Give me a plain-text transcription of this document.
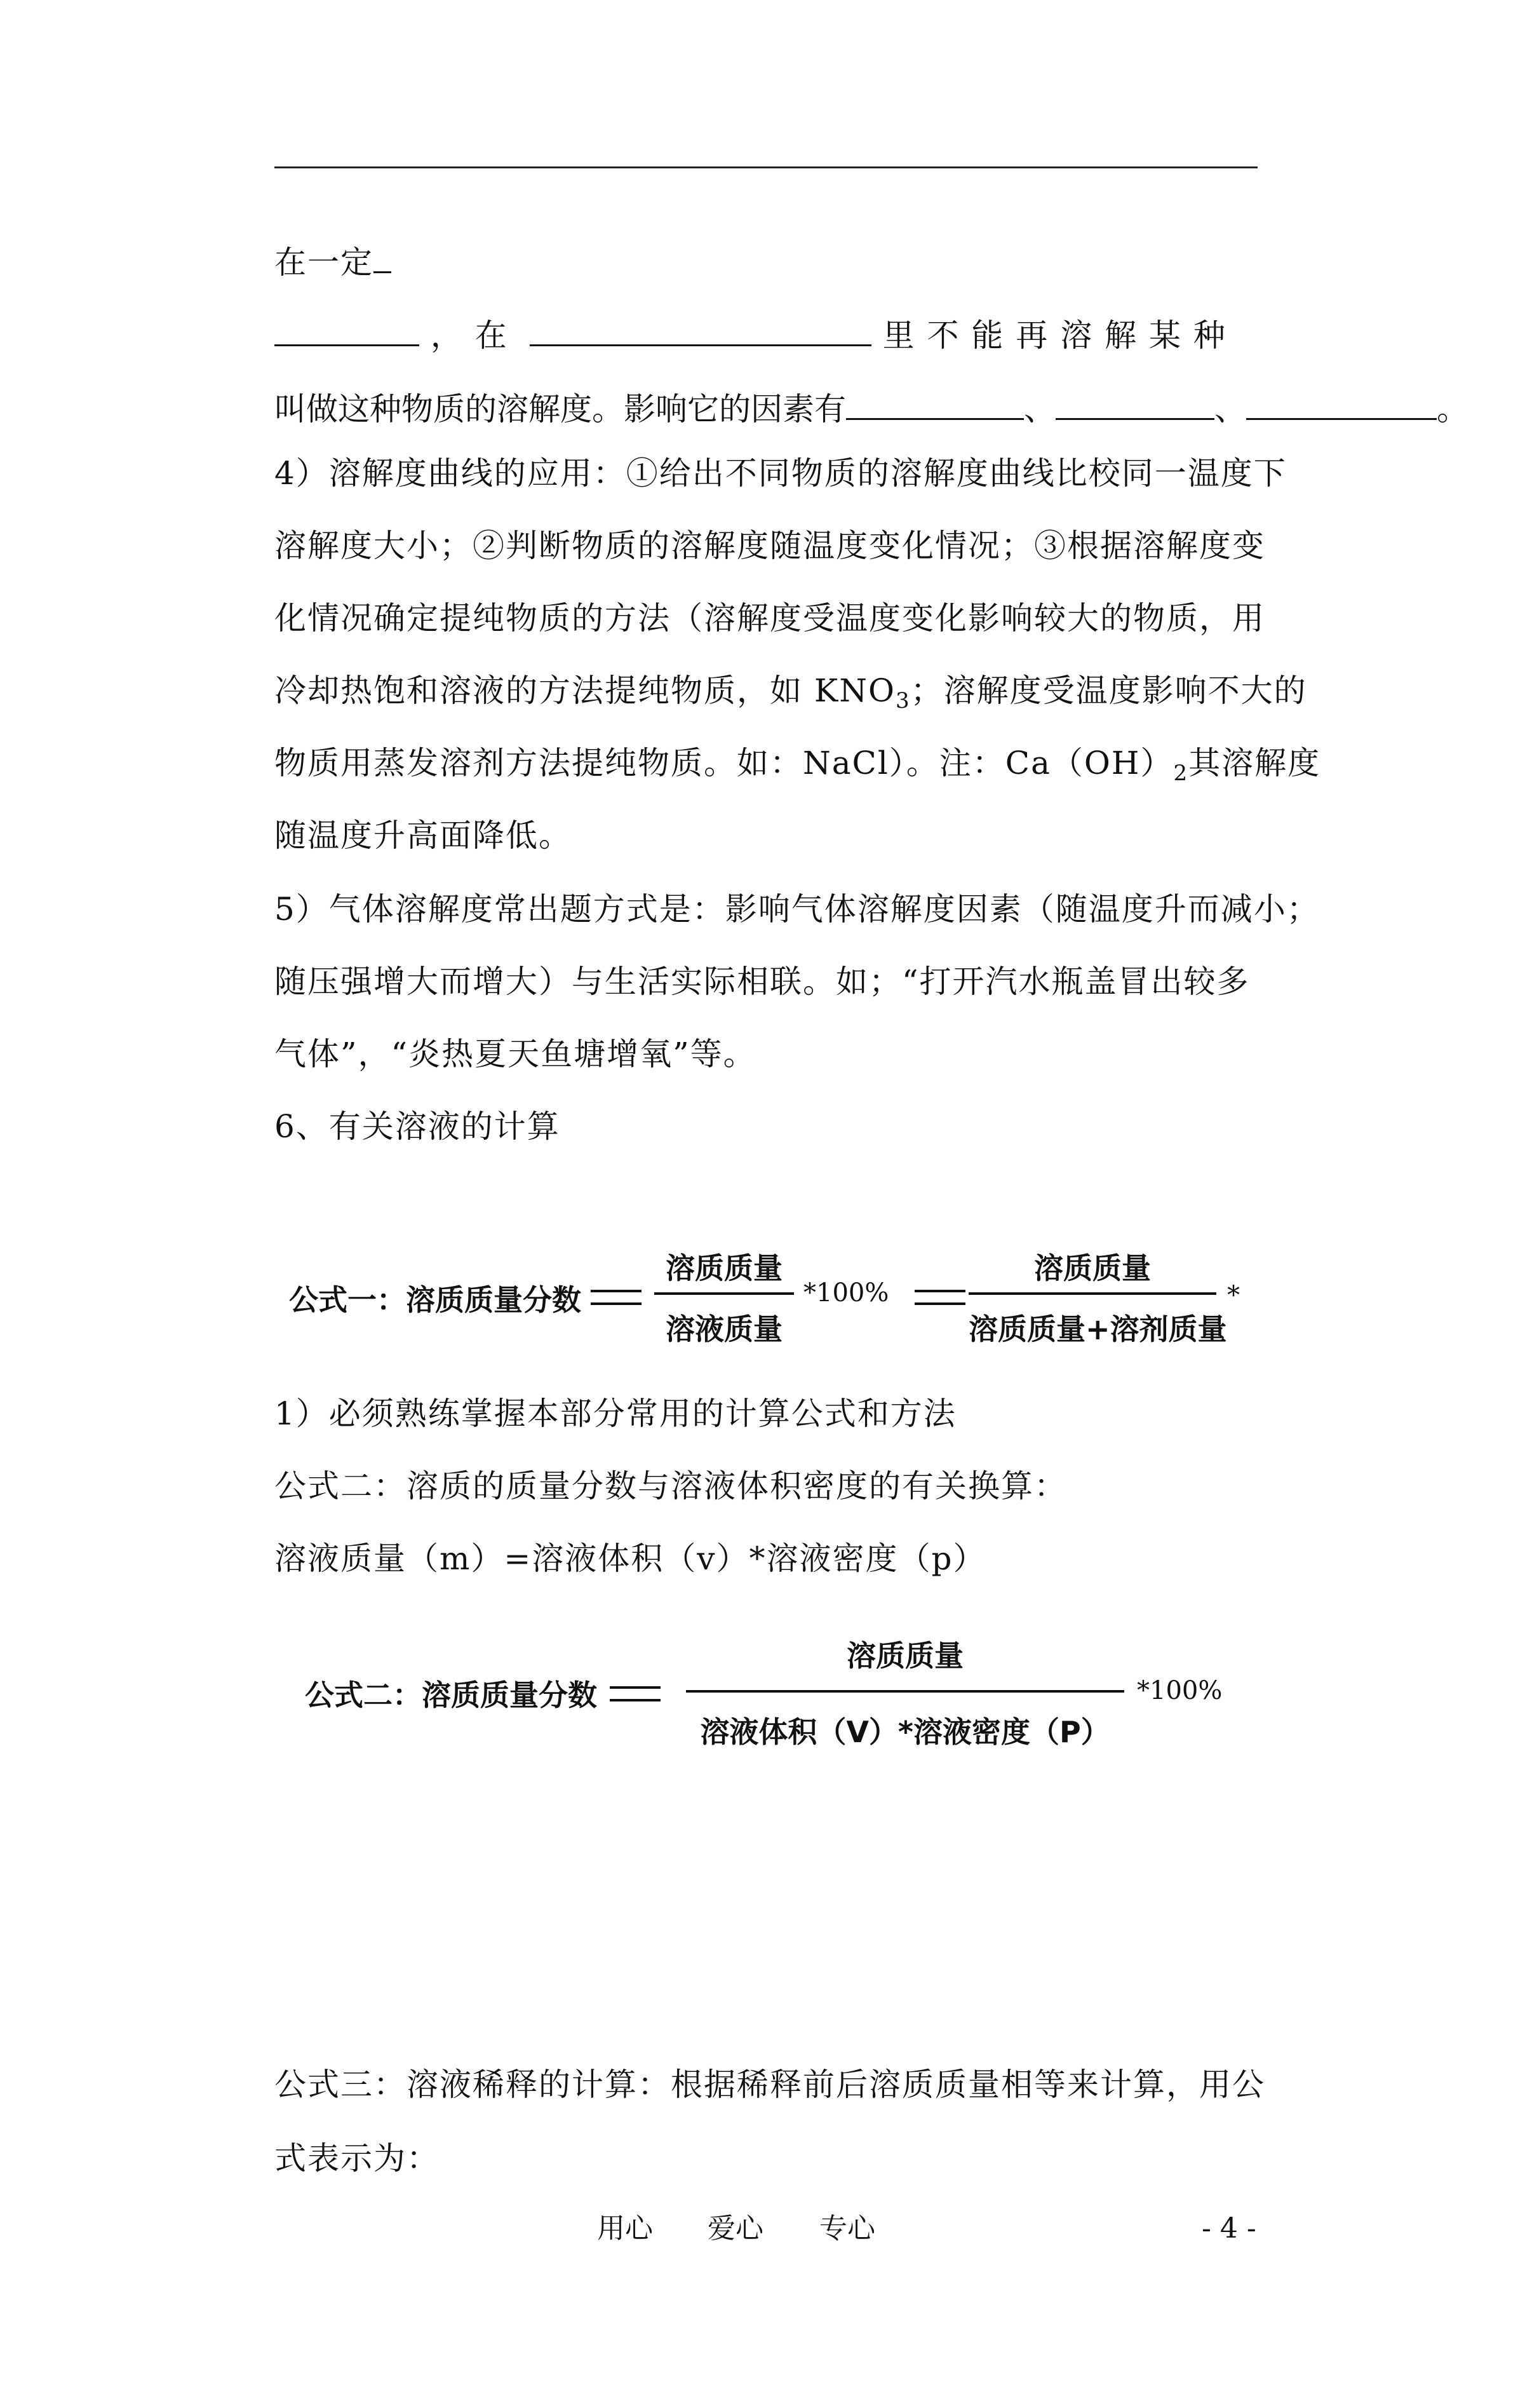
在一定
， 在	里 不 能 再 溶 解 某 种
叫做这种物质的溶解度。影响它的因素有	、	、	。
4）溶解度曲线的应用：①给出不同物质的溶解度曲线比校同一温度下
溶解度大小；②判断物质的溶解度随温度变化情况；③根据溶解度变
化情况确定提纯物质的方法（溶解度受温度变化影响较大的物质，用
冷却热饱和溶液的方法提纯物质，如 $KNO_3$；溶解度受温度影响不大的
物质用蒸发溶剂方法提纯物质。如：NaCl）。注：$Ca(OH)_2$其溶解度
随温度升高面降低。
5）气体溶解度常出题方式是：影响气体溶解度因素（随温度升而减小；
随压强增大而增大）与生活实际相联。如；“打开汽水瓶盖冒出较多
气体”，“炎热夏天鱼塘增氧”等。
6、有关溶液的计算
公式一：溶质质量分数
溶质质量
溶液质量
*100%
溶质质量
溶质质量+溶剂质量
*
1）必须熟练掌握本部分常用的计算公式和方法
公式二：溶质的质量分数与溶液体积密度的有关换算：
溶液质量（m）=溶液体积（v）*溶液密度（p）
公式二：溶质质量分数
溶质质量
溶液体积（V）*溶液密度（P）
*100%
公式三：溶液稀释的计算：根据稀释前后溶质质量相等来计算，用公
式表示为：
用心 爱心 专心	- 4 -
